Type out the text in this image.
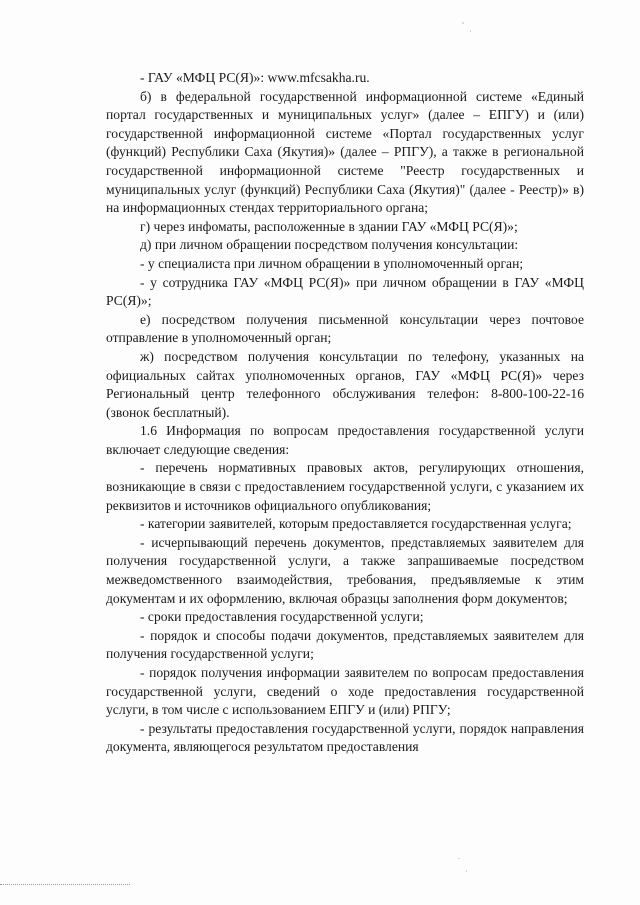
- ГАУ «МФЦ РС(Я)»: www.mfcsakha.ru.

б) в федеральной государственной информационной системе «Единый портал государственных и муниципальных услуг» (далее – ЕПГУ) и (или) государственной информационной системе «Портал государственных услуг (функций) Республики Саха (Якутия)» (далее – РПГУ), а также в региональной государственной информационной системе "Реестр государственных и муниципальных услуг (функций) Республики Саха (Якутия)" (далее - Реестр)» в) на информационных стендах территориального органа;

г) через инфоматы, расположенные в здании ГАУ «МФЦ РС(Я)»;

д) при личном обращении посредством получения консультации:

- у специалиста при личном обращении в уполномоченный орган;

- у сотрудника ГАУ «МФЦ РС(Я)» при личном обращении в ГАУ «МФЦ РС(Я)»;

е) посредством получения письменной консультации через почтовое отправление в уполномоченный орган;

ж) посредством получения консультации по телефону, указанных на официальных сайтах уполномоченных органов, ГАУ «МФЦ РС(Я)» через Региональный центр телефонного обслуживания телефон: 8-800-100-22-16 (звонок бесплатный).

1.6 Информация по вопросам предоставления государственной услуги включает следующие сведения:

- перечень нормативных правовых актов, регулирующих отношения, возникающие в связи с предоставлением государственной услуги, с указанием их реквизитов и источников официального опубликования;

- категории заявителей, которым предоставляется государственная услуга;

- исчерпывающий перечень документов, представляемых заявителем для получения государственной услуги, а также запрашиваемые посредством межведомственного взаимодействия, требования, предъявляемые к этим документам и их оформлению, включая образцы заполнения форм документов;

- сроки предоставления государственной услуги;

- порядок и способы подачи документов, представляемых заявителем для получения государственной услуги;

- порядок получения информации заявителем по вопросам предоставления государственной услуги, сведений о ходе предоставления государственной услуги, в том числе с использованием ЕПГУ и (или) РПГУ;

- результаты предоставления государственной услуги, порядок направления документа, являющегося результатом предоставления
